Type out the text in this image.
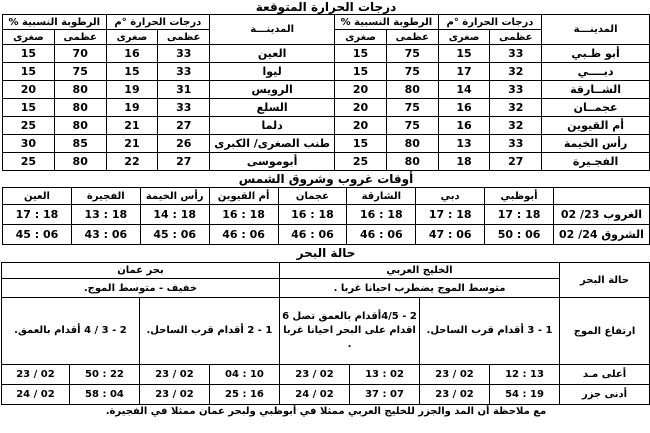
درجات الحرارة المتوقعة
المدينـــة	درجات الحرارة °م		الرطوبة النسبية %		المدينـــة	درجات الحرارة °م		الرطوبة النسبية %	
	عظمى	صغرى	عظمى	صغرى		عظمى	صغرى	عظمى	صغرى
أبو ظـبي	33	15	75	15	العين	33	16	70	15
دبــــي	32	17	75	15	ليوا	33	15	75	15
الشــارقة	33	14	80	20	الرويس	31	19	80	20
عجمــان	32	16	75	20	السلع	33	19	80	15
أم القيوين	32	16	75	20	دلما	27	21	80	25
رأس الخيمة	33	13	80	15	طنب الصغرى/ الكبرى	26	21	85	30
الفجـيرة	27	18	80	25	أبوموسى	27	22	80	25
أوقات غروب وشروق الشمس
	أبوظبي	دبي	الشارقة	عجمان	أم القيوين	رأس الخيمة	الفجيرة	العين
الغروب 23/ 02	18 : 17	18 : 17	18 : 16	18 : 16	18 : 16	18 : 14	18 : 13	18 : 17
الشروق 24/ 02	06 : 50	06 : 47	06 : 46	06 : 46	06 : 46	06 : 45	06 : 43	06 : 45
حالة البحر
حالة البحر	الخليج العربي				بحر عمان			
	متوسط الموج يضطرب احيانا غربا .				خفيف - متوسط الموج.			
ارتفاع الموج	1 - 3 أقدام قرب الساحل.		2 - 4/5أقدام بالعمق تصل 6 اقدام على البحر احيانا غربا .		1 - 2 أقدام قرب الساحل.		2 - 3 / 4 أقدام بالعمق.	
أعلى مـد	13 : 12	02 / 23	02 : 13	02 / 23	10 : 04	02 / 23	22 : 50	02 / 23
أدنى جزر	19 : 54	02 / 23	07 : 37	02 / 24	16 : 25	02 / 23	04 : 58	02 / 24
مع ملاحظة أن المد والجزر للخليج العربي ممثلا في أبوظبي ولبحر عمان ممثلا في الفجيرة.
